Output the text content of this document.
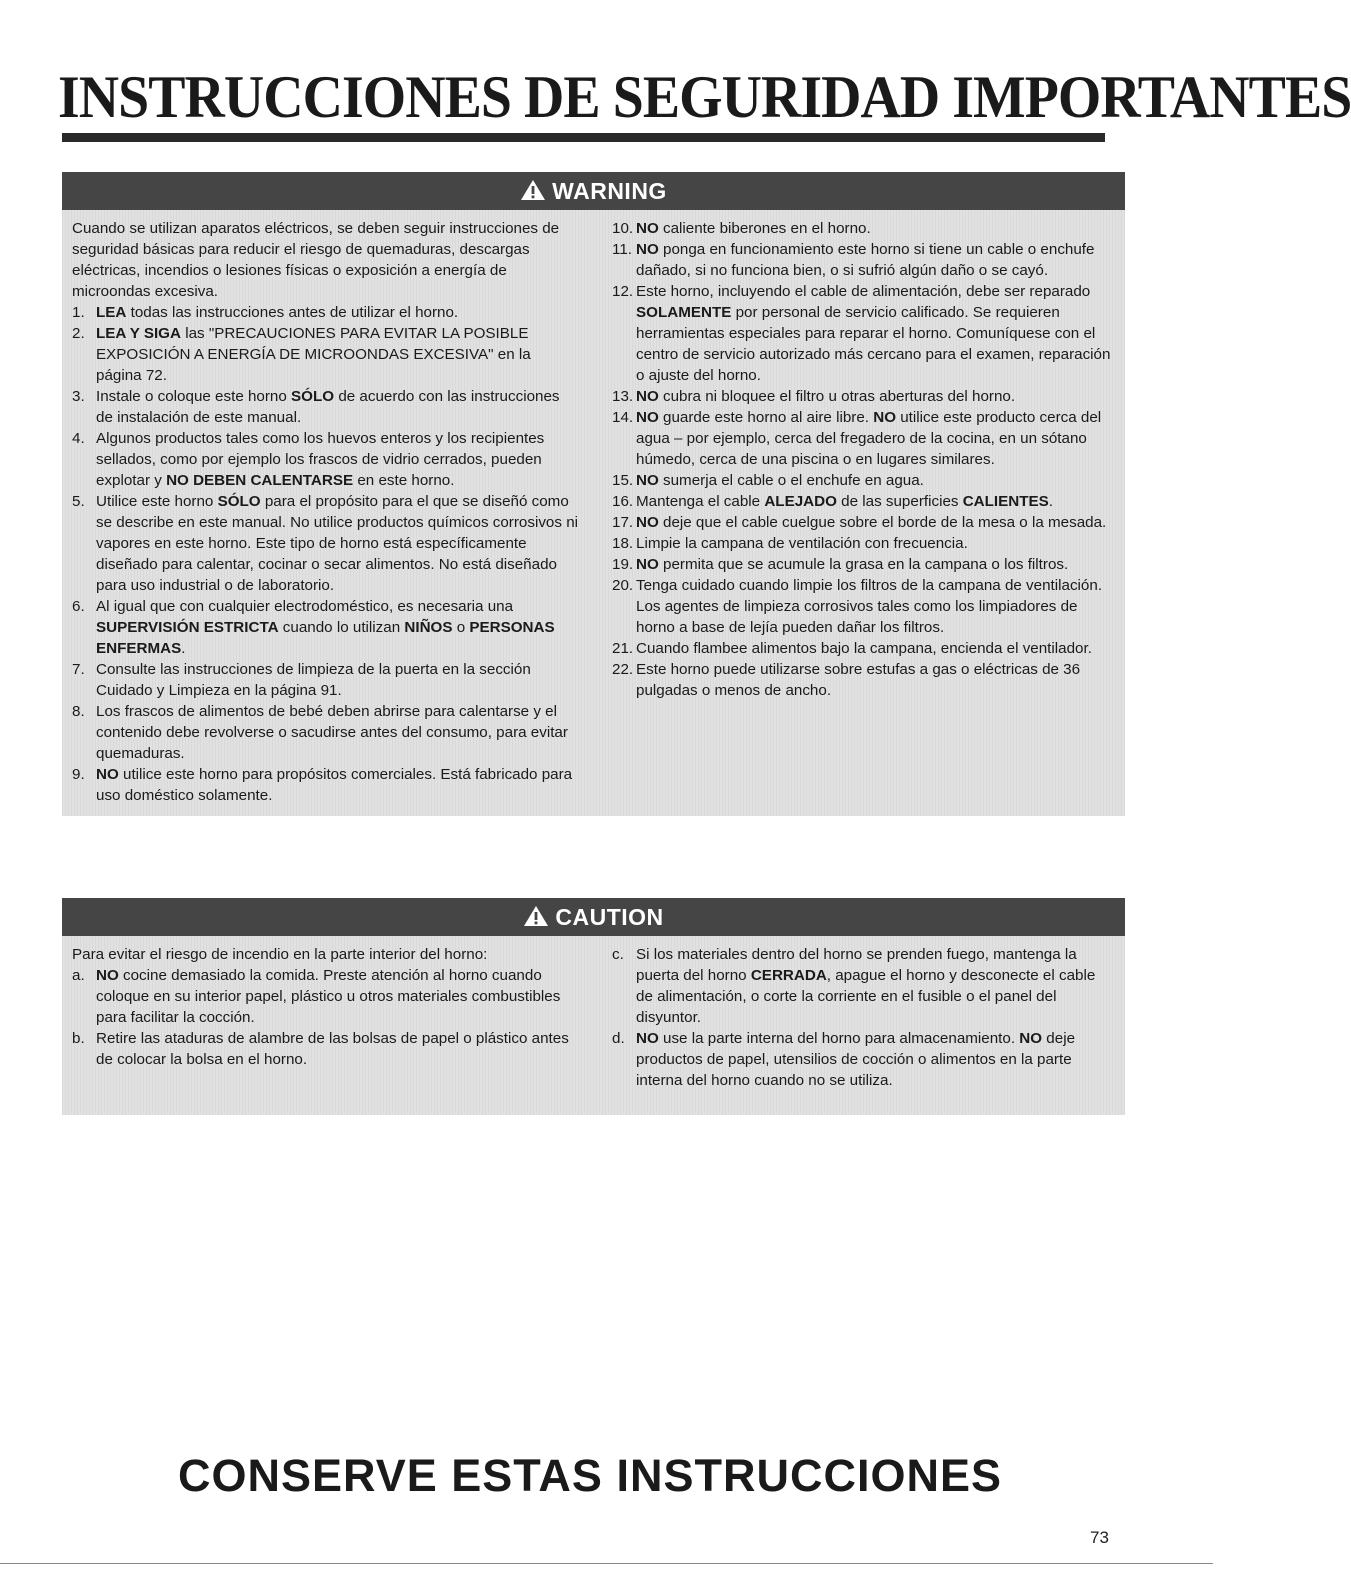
INSTRUCCIONES DE SEGURIDAD IMPORTANTES
WARNING

Cuando se utilizan aparatos eléctricos, se deben seguir instrucciones de seguridad básicas para reducir el riesgo de quemaduras, descargas eléctricas, incendios o lesiones físicas o exposición a energía de microondas excesiva.

1. LEA todas las instrucciones antes de utilizar el horno.
2. LEA Y SIGA las "PRECAUCIONES PARA EVITAR LA POSIBLE EXPOSICIÓN A ENERGÍA DE MICROONDAS EXCESIVA" en la página 72.
3. Instale o coloque este horno SÓLO de acuerdo con las instrucciones de instalación de este manual.
4. Algunos productos tales como los huevos enteros y los recipientes sellados, como por ejemplo los frascos de vidrio cerrados, pueden explotar y NO DEBEN CALENTARSE en este horno.
5. Utilice este horno SÓLO para el propósito para el que se diseñó como se describe en este manual. No utilice productos químicos corrosivos ni vapores en este horno. Este tipo de horno está específicamente diseñado para calentar, cocinar o secar alimentos. No está diseñado para uso industrial o de laboratorio.
6. Al igual que con cualquier electrodoméstico, es necesaria una SUPERVISIÓN ESTRICTA cuando lo utilizan NIÑOS o PERSONAS ENFERMAS.
7. Consulte las instrucciones de limpieza de la puerta en la sección Cuidado y Limpieza en la página 91.
8. Los frascos de alimentos de bebé deben abrirse para calentarse y el contenido debe revolverse o sacudirse antes del consumo, para evitar quemaduras.
9. NO utilice este horno para propósitos comerciales. Está fabricado para uso doméstico solamente.
10. NO caliente biberones en el horno.
11. NO ponga en funcionamiento este horno si tiene un cable o enchufe dañado, si no funciona bien, o si sufrió algún daño o se cayó.
12. Este horno, incluyendo el cable de alimentación, debe ser reparado SOLAMENTE por personal de servicio calificado. Se requieren herramientas especiales para reparar el horno. Comuníquese con el centro de servicio autorizado más cercano para el examen, reparación o ajuste del horno.
13. NO cubra ni bloquee el filtro u otras aberturas del horno.
14. NO guarde este horno al aire libre. NO utilice este producto cerca del agua – por ejemplo, cerca del fregadero de la cocina, en un sótano húmedo, cerca de una piscina o en lugares similares.
15. NO sumerja el cable o el enchufe en agua.
16. Mantenga el cable ALEJADO de las superficies CALIENTES.
17. NO deje que el cable cuelgue sobre el borde de la mesa o la mesada.
18. Limpie la campana de ventilación con frecuencia.
19. NO permita que se acumule la grasa en la campana o los filtros.
20. Tenga cuidado cuando limpie los filtros de la campana de ventilación. Los agentes de limpieza corrosivos tales como los limpiadores de horno a base de lejía pueden dañar los filtros.
21. Cuando flambee alimentos bajo la campana, encienda el ventilador.
22. Este horno puede utilizarse sobre estufas a gas o eléctricas de 36 pulgadas o menos de ancho.
CAUTION

Para evitar el riesgo de incendio en la parte interior del horno:

a. NO cocine demasiado la comida. Preste atención al horno cuando coloque en su interior papel, plástico u otros materiales combustibles para facilitar la cocción.
b. Retire las ataduras de alambre de las bolsas de papel o plástico antes de colocar la bolsa en el horno.
c. Si los materiales dentro del horno se prenden fuego, mantenga la puerta del horno CERRADA, apague el horno y desconecte el cable de alimentación, o corte la corriente en el fusible o el panel del disyuntor.
d. NO use la parte interna del horno para almacenamiento. NO deje productos de papel, utensilios de cocción o alimentos en la parte interna del horno cuando no se utiliza.
CONSERVE ESTAS INSTRUCCIONES
73
